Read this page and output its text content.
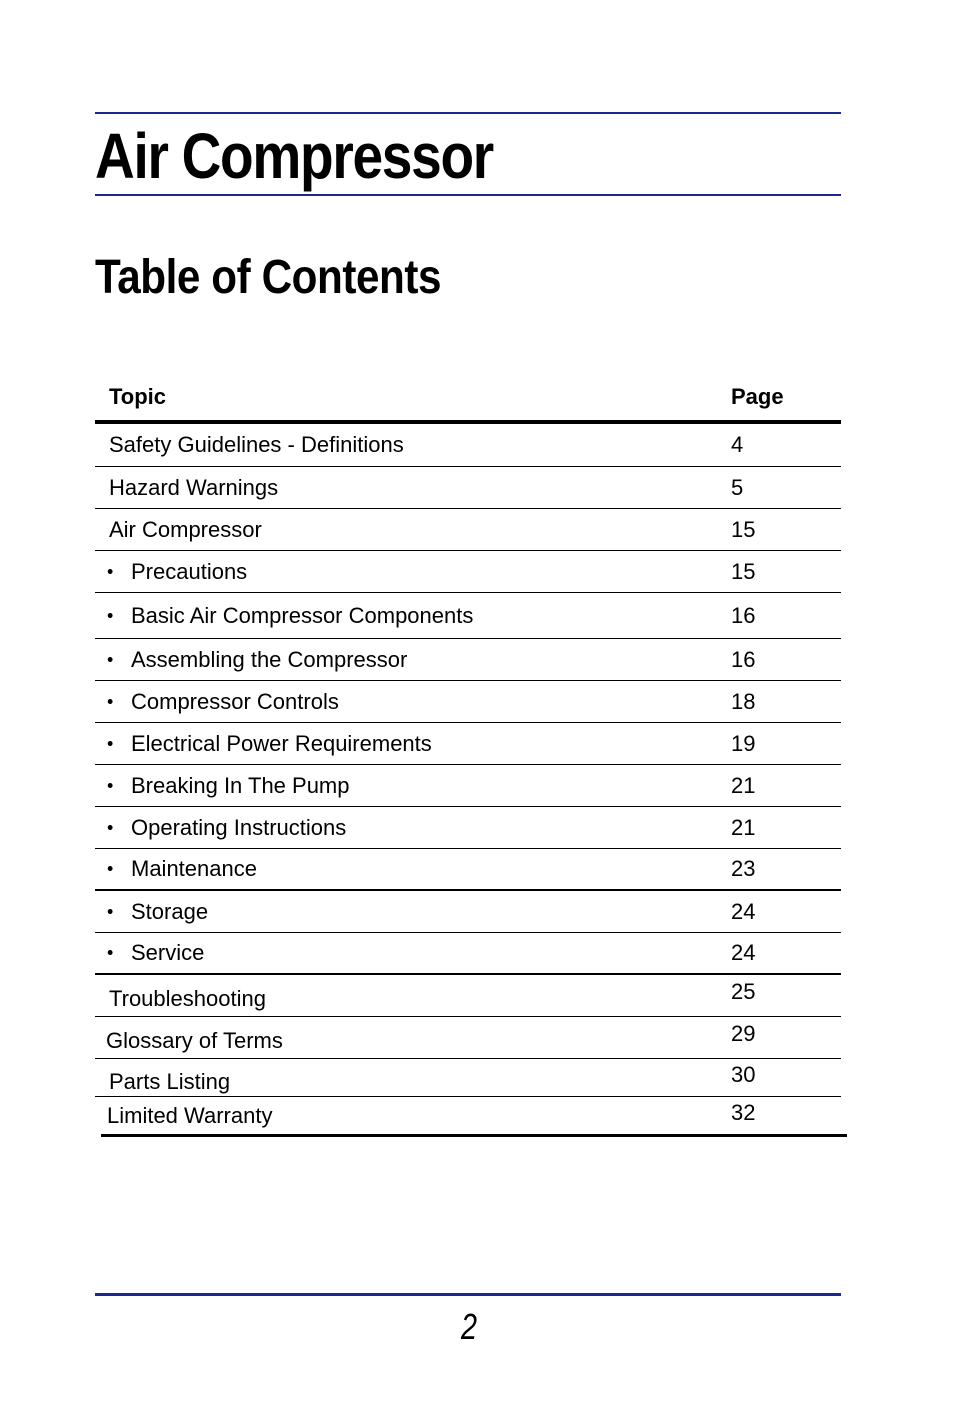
Air Compressor
Table of Contents
Topic	Page
Safety Guidelines - Definitions	4
Hazard Warnings	5
Air Compressor	15
• Precautions	15
• Basic Air Compressor Components	16
• Assembling the Compressor	16
• Compressor Controls	18
• Electrical Power Requirements	19
• Breaking In The Pump	21
• Operating Instructions	21
• Maintenance	23
• Storage	24
• Service	24
Troubleshooting	25
Glossary of Terms	29
Parts Listing	30
Limited Warranty	32
2
